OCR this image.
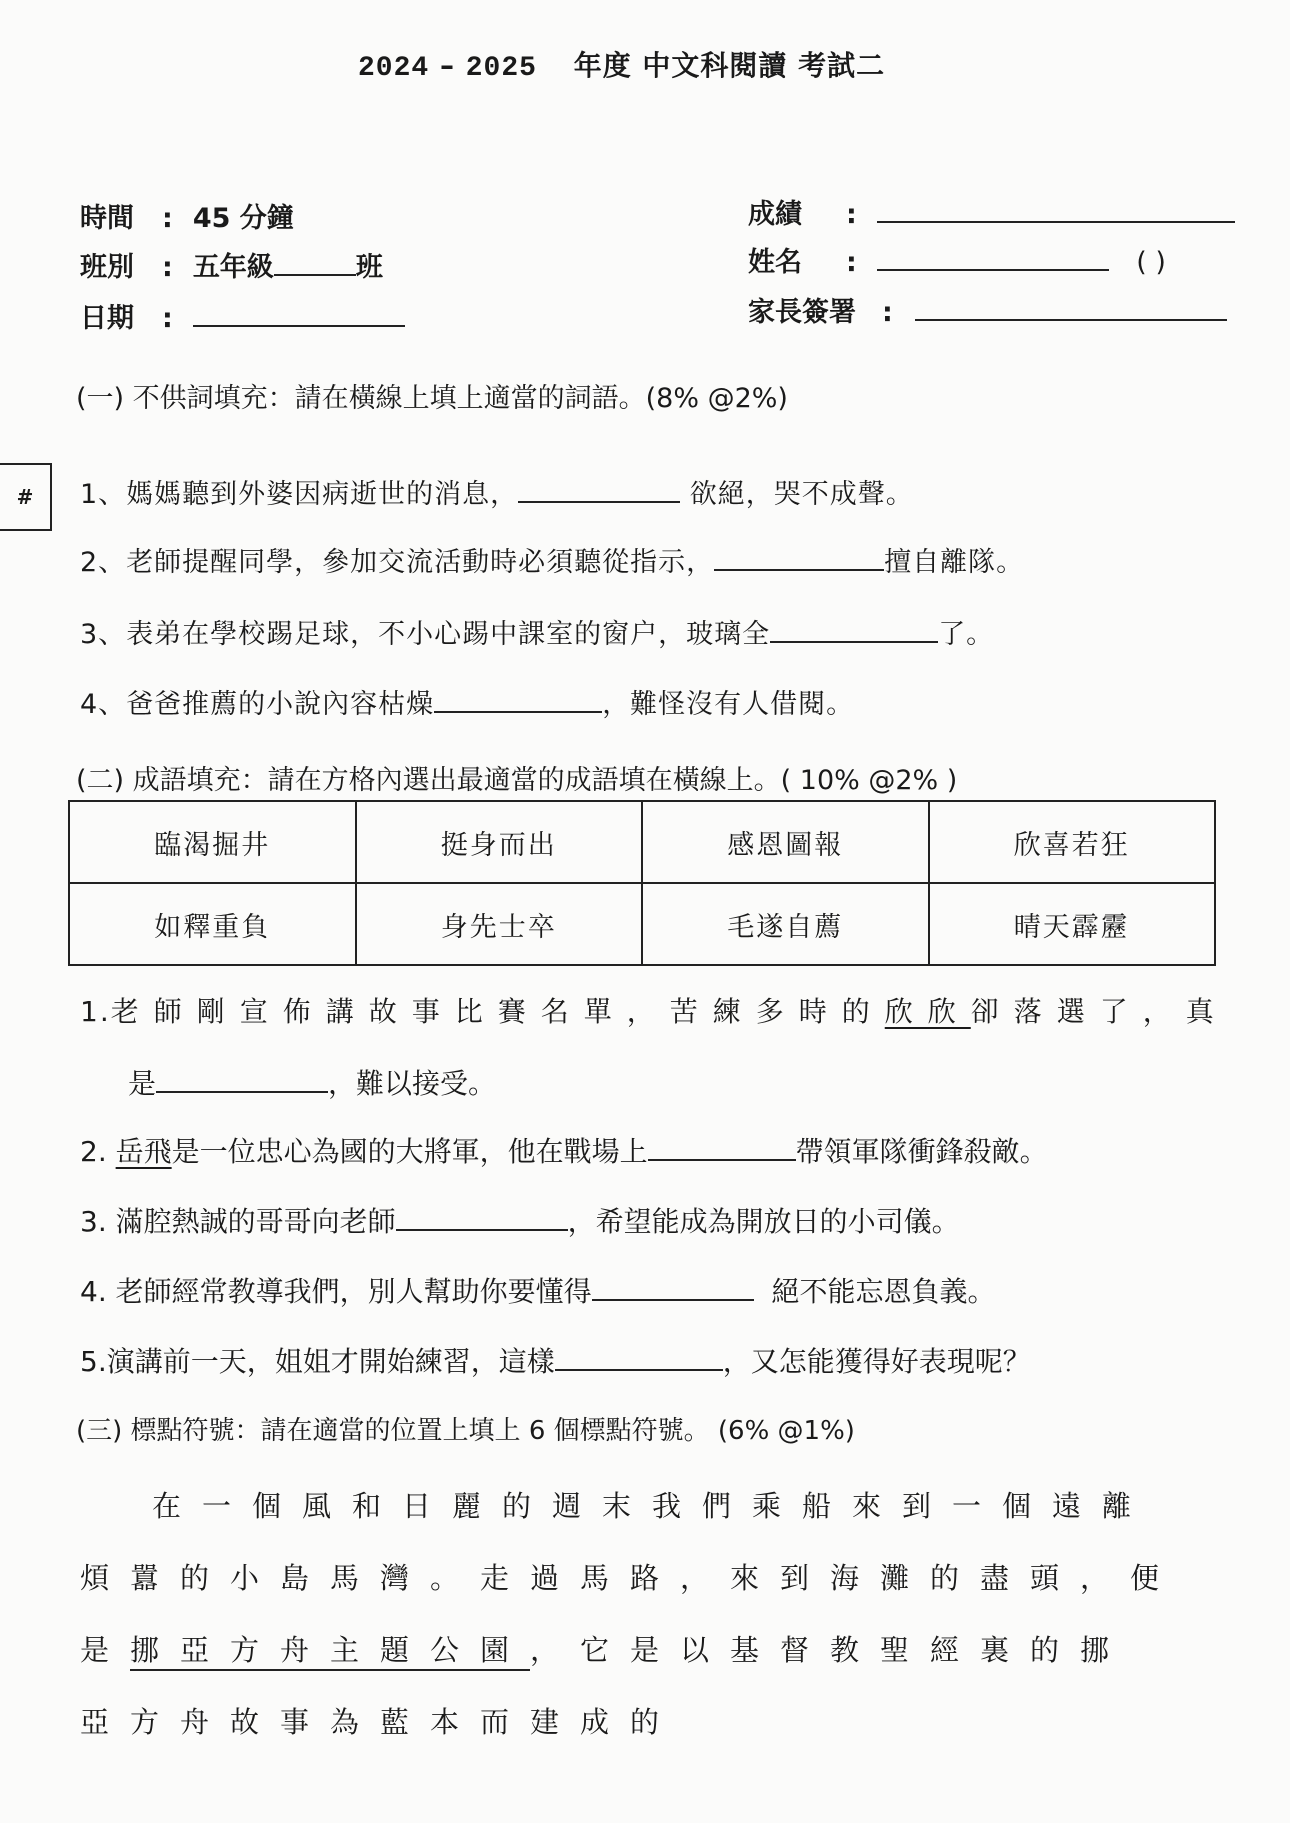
2024 – 2025 年度 中文科閱讀 考試二
時間 : 45 分鐘
班別 : 五年級	班
日期 :
成績 :
姓名 :	( )
家長簽署 :
(一) 不供詞填充：請在橫線上填上適當的詞語。(8% @2%)
# 1、媽媽聽到外婆因病逝世的消息，	欲絕，哭不成聲。
2、老師提醒同學，參加交流活動時必須聽從指示，	擅自離隊。
3、表弟在學校踢足球，不小心踢中課室的窗户，玻璃全	了。
4、爸爸推薦的小說內容枯燥	，難怪沒有人借閱。
(二) 成語填充：請在方格內選出最適當的成語填在橫線上。( 10% @2% )
臨渴掘井	挺身而出	感恩圖報	欣喜若狂
如釋重負	身先士卒	毛遂自薦	晴天霹靂
1.老師剛宣佈講故事比賽名單，苦練多時的欣欣卻落選了，真
是	，難以接受。
2. 岳飛是一位忠心為國的大將軍，他在戰場上	帶領軍隊衝鋒殺敵。
3. 滿腔熱誠的哥哥向老師	，希望能成為開放日的小司儀。
4. 老師經常教導我們，別人幫助你要懂得	絕不能忘恩負義。
5.演講前一天，姐姐才開始練習，這樣	，又怎能獲得好表現呢？
(三) 標點符號：請在適當的位置上填上 6 個標點符號。 (6% @1%)
在一個風和日麗的週末我們乘船來到一個遠離
煩囂的小島馬灣。走過馬路，來到海灘的盡頭，便
是挪亞方舟主題公園，它是以基督教聖經裏的挪
亞方舟故事為藍本而建成的
